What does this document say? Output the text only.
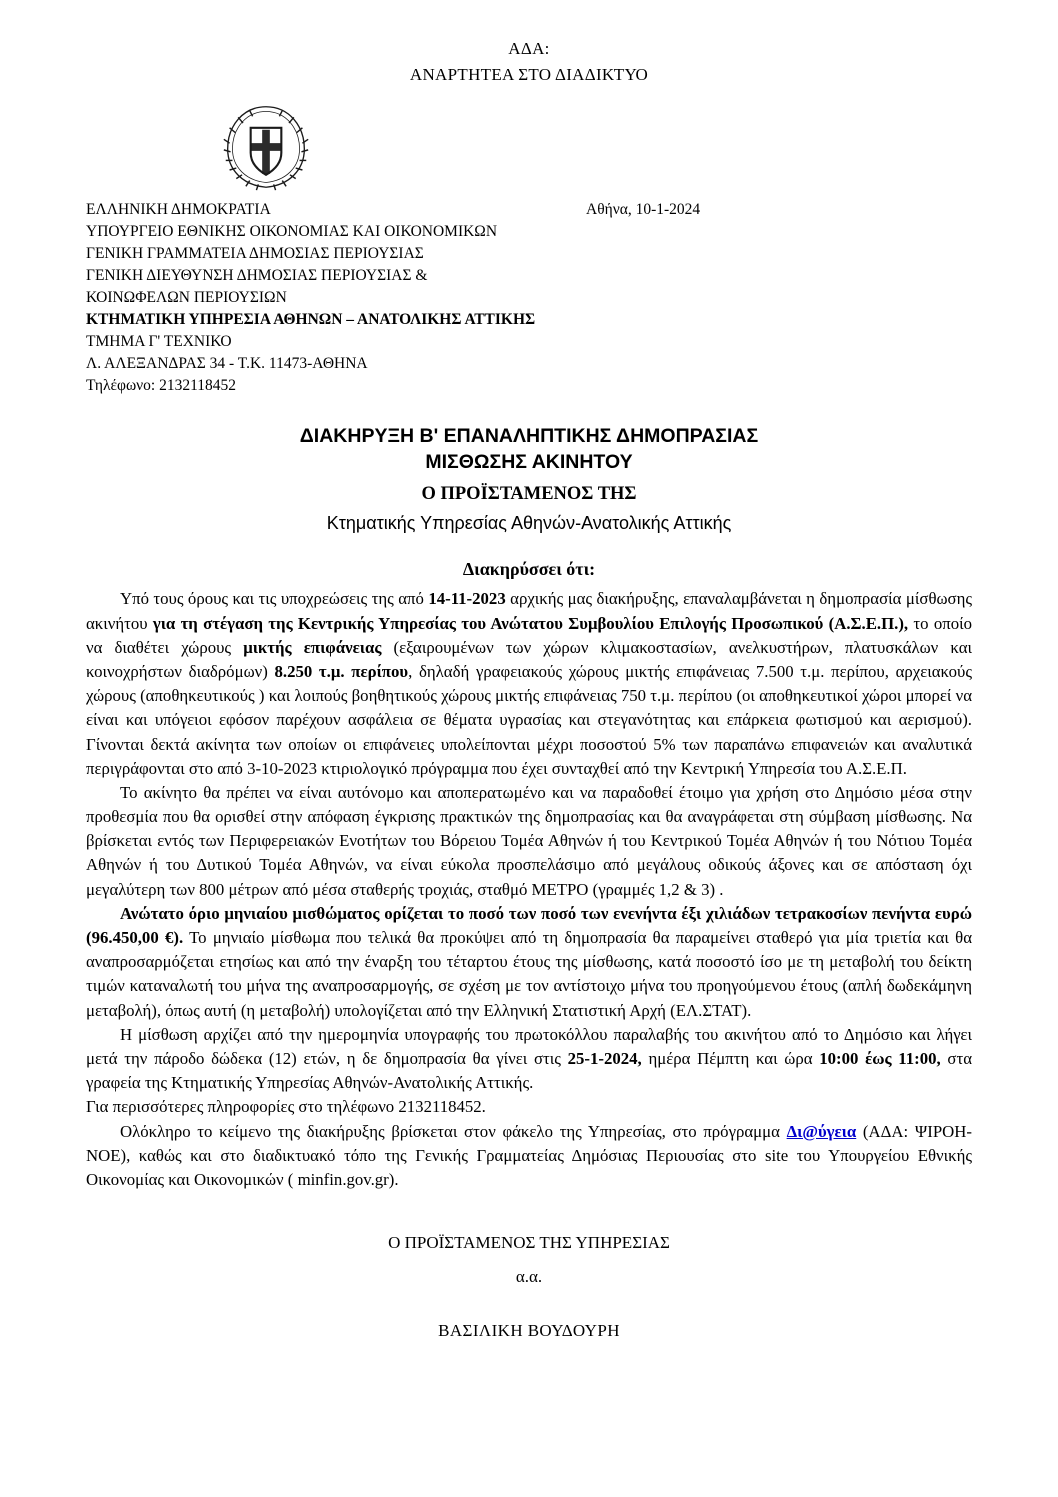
ΑΔΑ:
ΑΝΑΡΤΗΤΕΑ ΣΤΟ ΔΙΑΔΙΚΤΥΟ
Αθήνα, 10-1-2024
ΕΛΛΗΝΙΚΗ ΔΗΜΟΚΡΑΤΙΑ
ΥΠΟΥΡΓΕΙΟ ΕΘΝΙΚΗΣ ΟΙΚΟΝΟΜΙΑΣ ΚΑΙ ΟΙΚΟΝΟΜΙΚΩΝ
ΓΕΝΙΚΗ ΓΡΑΜΜΑΤΕΙΑ ΔΗΜΟΣΙΑΣ ΠΕΡΙΟΥΣΙΑΣ
ΓΕΝΙΚΗ ΔΙΕΥΘΥΝΣΗ ΔΗΜΟΣΙΑΣ ΠΕΡΙΟΥΣΙΑΣ &
ΚΟΙΝΩΦΕΛΩΝ ΠΕΡΙΟΥΣΙΩΝ
ΚΤΗΜΑΤΙΚΗ ΥΠΗΡΕΣΙΑ ΑΘΗΝΩΝ – ΑΝΑΤΟΛΙΚΗΣ ΑΤΤΙΚΗΣ
ΤΜΗΜΑ Γ' ΤΕΧΝΙΚΟ
Λ. ΑΛΕΞΑΝΔΡΑΣ 34 - Τ.Κ. 11473-ΑΘΗΝΑ
Τηλέφωνο: 2132118452
ΔΙΑΚΗΡΥΞΗ Β' ΕΠΑΝΑΛΗΠΤΙΚΗΣ ΔΗΜΟΠΡΑΣΙΑΣ
ΜΙΣΘΩΣΗΣ ΑΚΙΝΗΤΟΥ
Ο ΠΡΟΪΣΤΑΜΕΝΟΣ ΤΗΣ
Κτηματικής Υπηρεσίας Αθηνών-Ανατολικής Αττικής
Διακηρύσσει ότι:

Υπό τους όρους και τις υποχρεώσεις της από 14-11-2023 αρχικής μας διακήρυξης, επαναλαμβάνεται η δημοπρασία μίσθωσης ακινήτου για τη στέγαση της Κεντρικής Υπηρεσίας του Ανώτατου Συμβουλίου Επιλογής Προσωπικού (Α.Σ.Ε.Π.), το οποίο να διαθέτει χώρους μικτής επιφάνειας (εξαιρουμένων των χώρων κλιμακοστασίων, ανελκυστήρων, πλατυσκάλων και κοινοχρήστων διαδρόμων) 8.250 τ.μ. περίπου, δηλαδή γραφειακούς χώρους μικτής επιφάνειας 7.500 τ.μ. περίπου, αρχειακούς χώρους (αποθηκευτικούς ) και λοιπούς βοηθητικούς χώρους μικτής επιφάνειας 750 τ.μ. περίπου (οι αποθηκευτικοί χώροι μπορεί να είναι και υπόγειοι εφόσον παρέχουν ασφάλεια σε θέματα υγρασίας και στεγανότητας και επάρκεια φωτισμού και αερισμού). Γίνονται δεκτά ακίνητα των οποίων οι επιφάνειες υπολείπονται μέχρι ποσοστού 5% των παραπάνω επιφανειών και αναλυτικά περιγράφονται στο από 3-10-2023 κτιριολογικό πρόγραμμα που έχει συνταχθεί από την Κεντρική Υπηρεσία του Α.Σ.Ε.Π.

Το ακίνητο θα πρέπει να είναι αυτόνομο και αποπερατωμένο και να παραδοθεί έτοιμο για χρήση στο Δημόσιο μέσα στην προθεσμία που θα ορισθεί στην απόφαση έγκρισης πρακτικών της δημοπρασίας και θα αναγράφεται στη σύμβαση μίσθωσης. Να βρίσκεται εντός των Περιφερειακών Ενοτήτων του Βόρειου Τομέα Αθηνών ή του Κεντρικού Τομέα Αθηνών ή του Νότιου Τομέα Αθηνών ή του Δυτικού Τομέα Αθηνών, να είναι εύκολα προσπελάσιμο από μεγάλους οδικούς άξονες και σε απόσταση όχι μεγαλύτερη των 800 μέτρων από μέσα σταθερής τροχιάς, σταθμό ΜΕΤΡΟ (γραμμές 1,2 & 3) .

Ανώτατο όριο μηνιαίου μισθώματος ορίζεται το ποσό των ποσό των ενενήντα έξι χιλιάδων τετρακοσίων πενήντα ευρώ (96.450,00 €). Το μηνιαίο μίσθωμα που τελικά θα προκύψει από τη δημοπρασία θα παραμείνει σταθερό για μία τριετία και θα αναπροσαρμόζεται ετησίως και από την έναρξη του τέταρτου έτους της μίσθωσης, κατά ποσοστό ίσο με τη μεταβολή του δείκτη τιμών καταναλωτή του μήνα της αναπροσαρμογής, σε σχέση με τον αντίστοιχο μήνα του προηγούμενου έτους (απλή δωδεκάμηνη μεταβολή), όπως αυτή (η μεταβολή) υπολογίζεται από την Ελληνική Στατιστική Αρχή (ΕΛ.ΣΤΑΤ).

Η μίσθωση αρχίζει από την ημερομηνία υπογραφής του πρωτοκόλλου παραλαβής του ακινήτου από το Δημόσιο και λήγει μετά την πάροδο δώδεκα (12) ετών, η δε δημοπρασία θα γίνει στις 25-1-2024, ημέρα Πέμπτη και ώρα 10:00 έως 11:00, στα γραφεία της Κτηματικής Υπηρεσίας Αθηνών-Ανατολικής Αττικής.

Για περισσότερες πληροφορίες στο τηλέφωνο 2132118452.

Ολόκληρο το κείμενο της διακήρυξης βρίσκεται στον φάκελο της Υπηρεσίας, στο πρόγραμμα Δι@ύγεια (ΑΔΑ: ΨΙΡΟΗ-ΝΟΕ), καθώς και στο διαδικτυακό τόπο της Γενικής Γραμματείας Δημόσιας Περιουσίας στο site του Υπουργείου Εθνικής Οικονομίας και Οικονομικών ( minfin.gov.gr).

Ο ΠΡΟΪΣΤΑΜΕΝΟΣ ΤΗΣ ΥΠΗΡΕΣΙΑΣ
α.α.
ΒΑΣΙΛΙΚΗ ΒΟΥΔΟΥΡΗ
